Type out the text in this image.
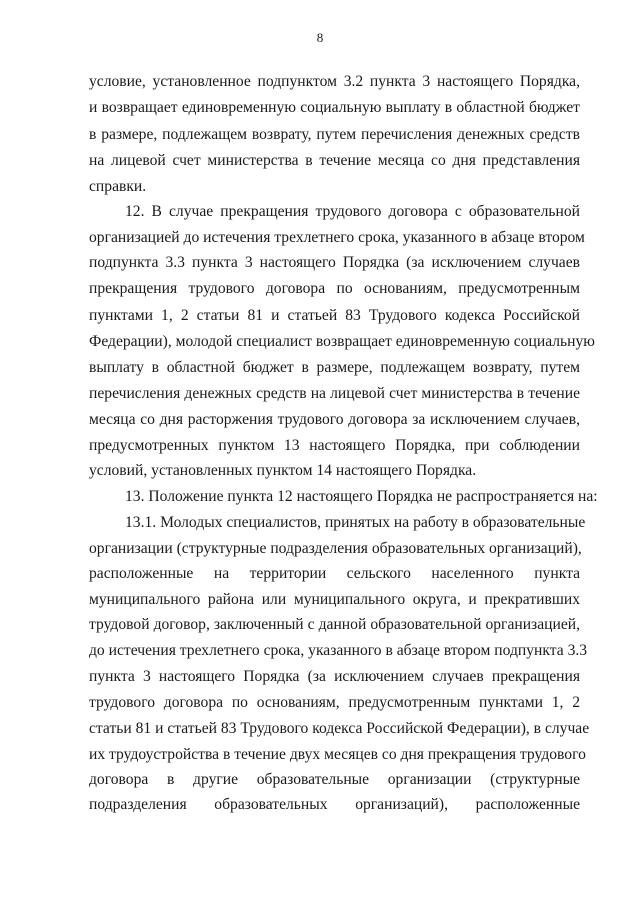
8
условие, установленное подпунктом 3.2 пункта 3 настоящего Порядка,
и возвращает единовременную социальную выплату в областной бюджет
в размере, подлежащем возврату, путем перечисления денежных средств
на лицевой счет министерства в течение месяца со дня представления
справки.
12. В случае прекращения трудового договора с образовательной
организацией до истечения трехлетнего срока, указанного в абзаце втором
подпункта 3.3 пункта 3 настоящего Порядка (за исключением случаев
прекращения трудового договора по основаниям, предусмотренным
пунктами 1, 2 статьи 81 и статьей 83 Трудового кодекса Российской
Федерации), молодой специалист возвращает единовременную социальную
выплату в областной бюджет в размере, подлежащем возврату, путем
перечисления денежных средств на лицевой счет министерства в течение
месяца со дня расторжения трудового договора за исключением случаев,
предусмотренных пунктом 13 настоящего Порядка, при соблюдении
условий, установленных пунктом 14 настоящего Порядка.
13. Положение пункта 12 настоящего Порядка не распространяется на:
13.1. Молодых специалистов, принятых на работу в образовательные
организации (структурные подразделения образовательных организаций),
расположенные на территории сельского населенного пункта
муниципального района или муниципального округа, и прекративших
трудовой договор, заключенный с данной образовательной организацией,
до истечения трехлетнего срока, указанного в абзаце втором подпункта 3.3
пункта 3 настоящего Порядка (за исключением случаев прекращения
трудового договора по основаниям, предусмотренным пунктами 1, 2
статьи 81 и статьей 83 Трудового кодекса Российской Федерации), в случае
их трудоустройства в течение двух месяцев со дня прекращения трудового
договора в другие образовательные организации (структурные
подразделения образовательных организаций), расположенные
